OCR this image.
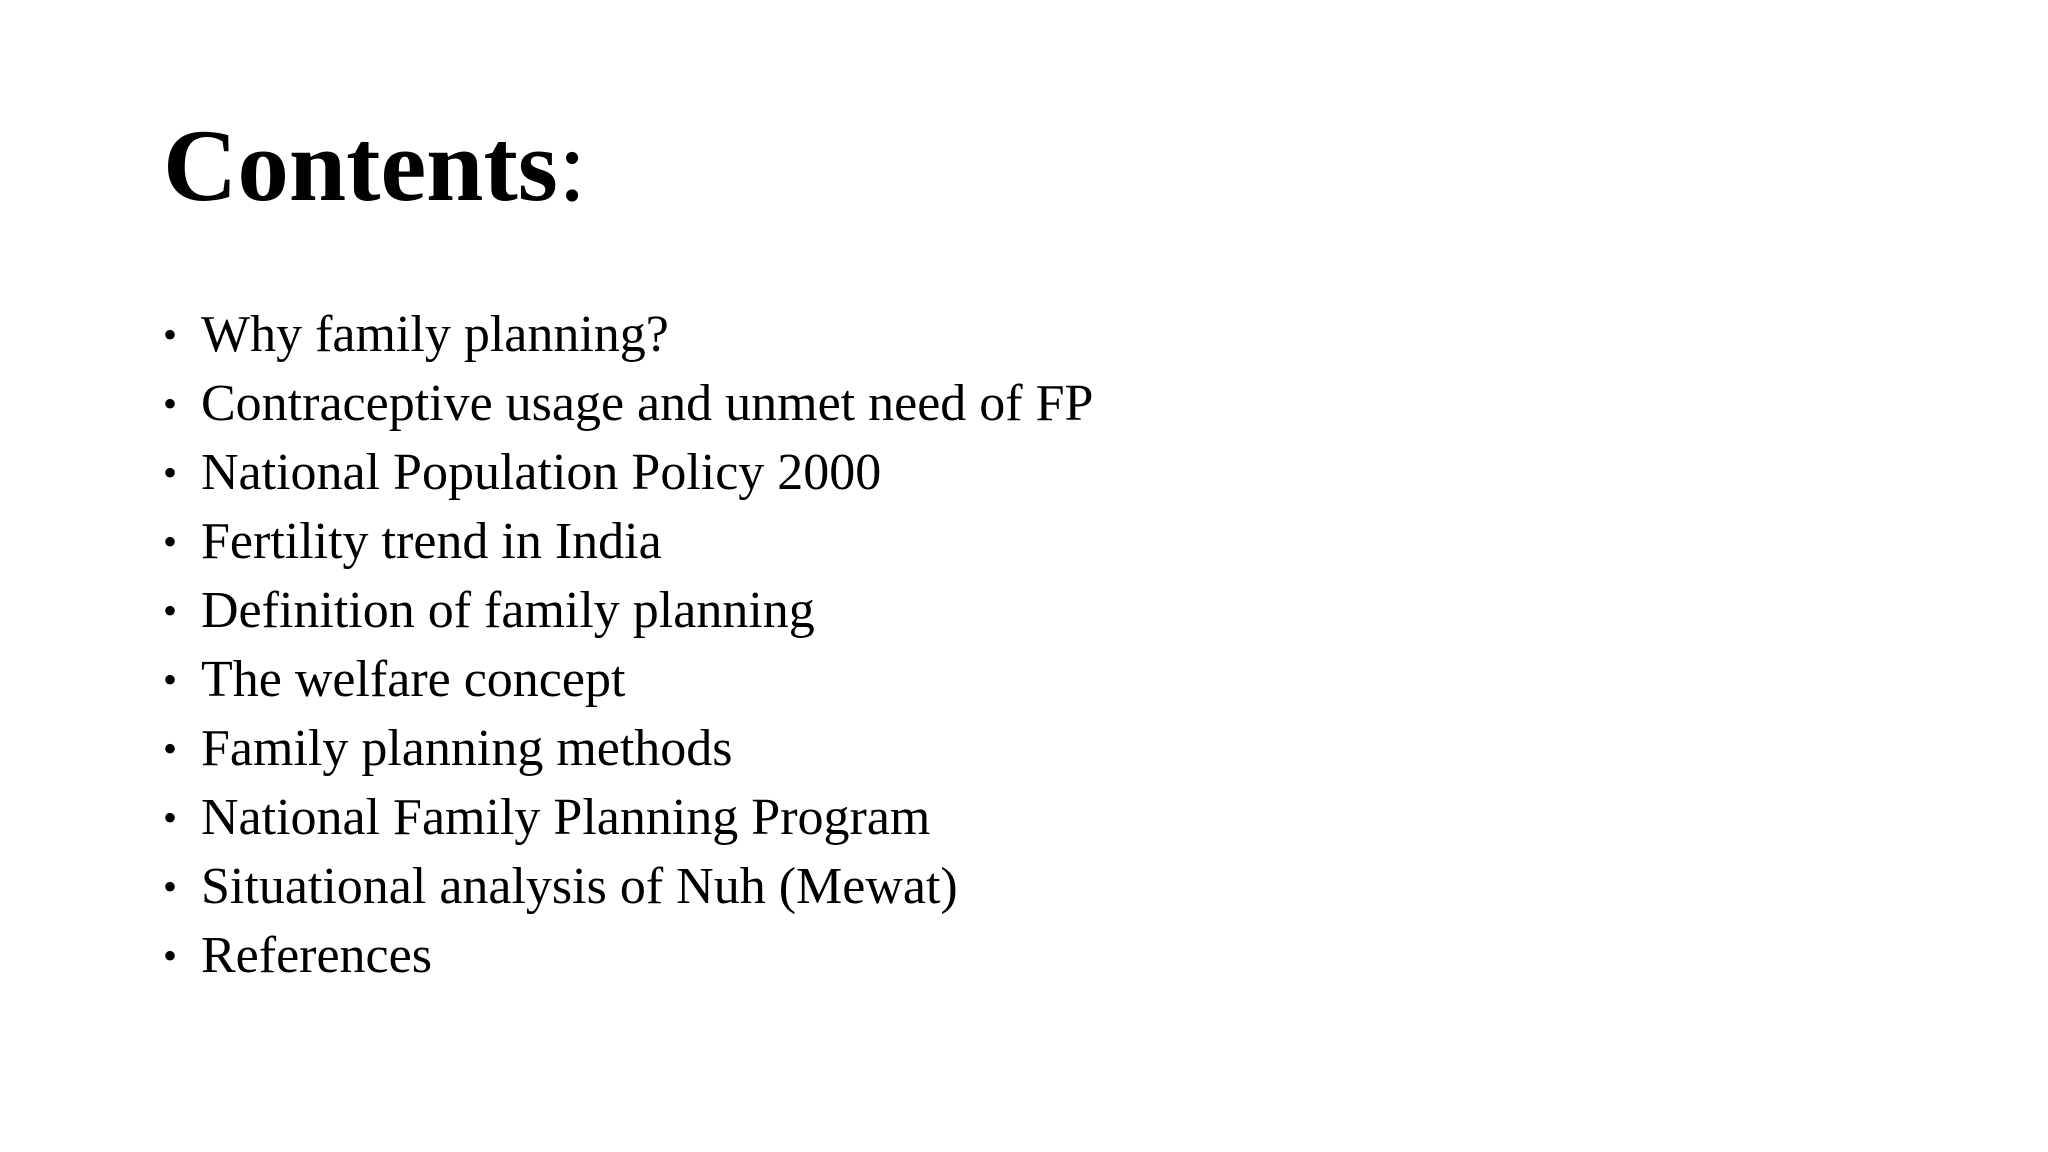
Contents:
• Why family planning?
• Contraceptive usage and unmet need of FP
• National Population Policy 2000
• Fertility trend in India
• Definition of family planning
• The welfare concept
• Family planning methods
• National Family Planning Program
• Situational analysis of Nuh (Mewat)
• References
